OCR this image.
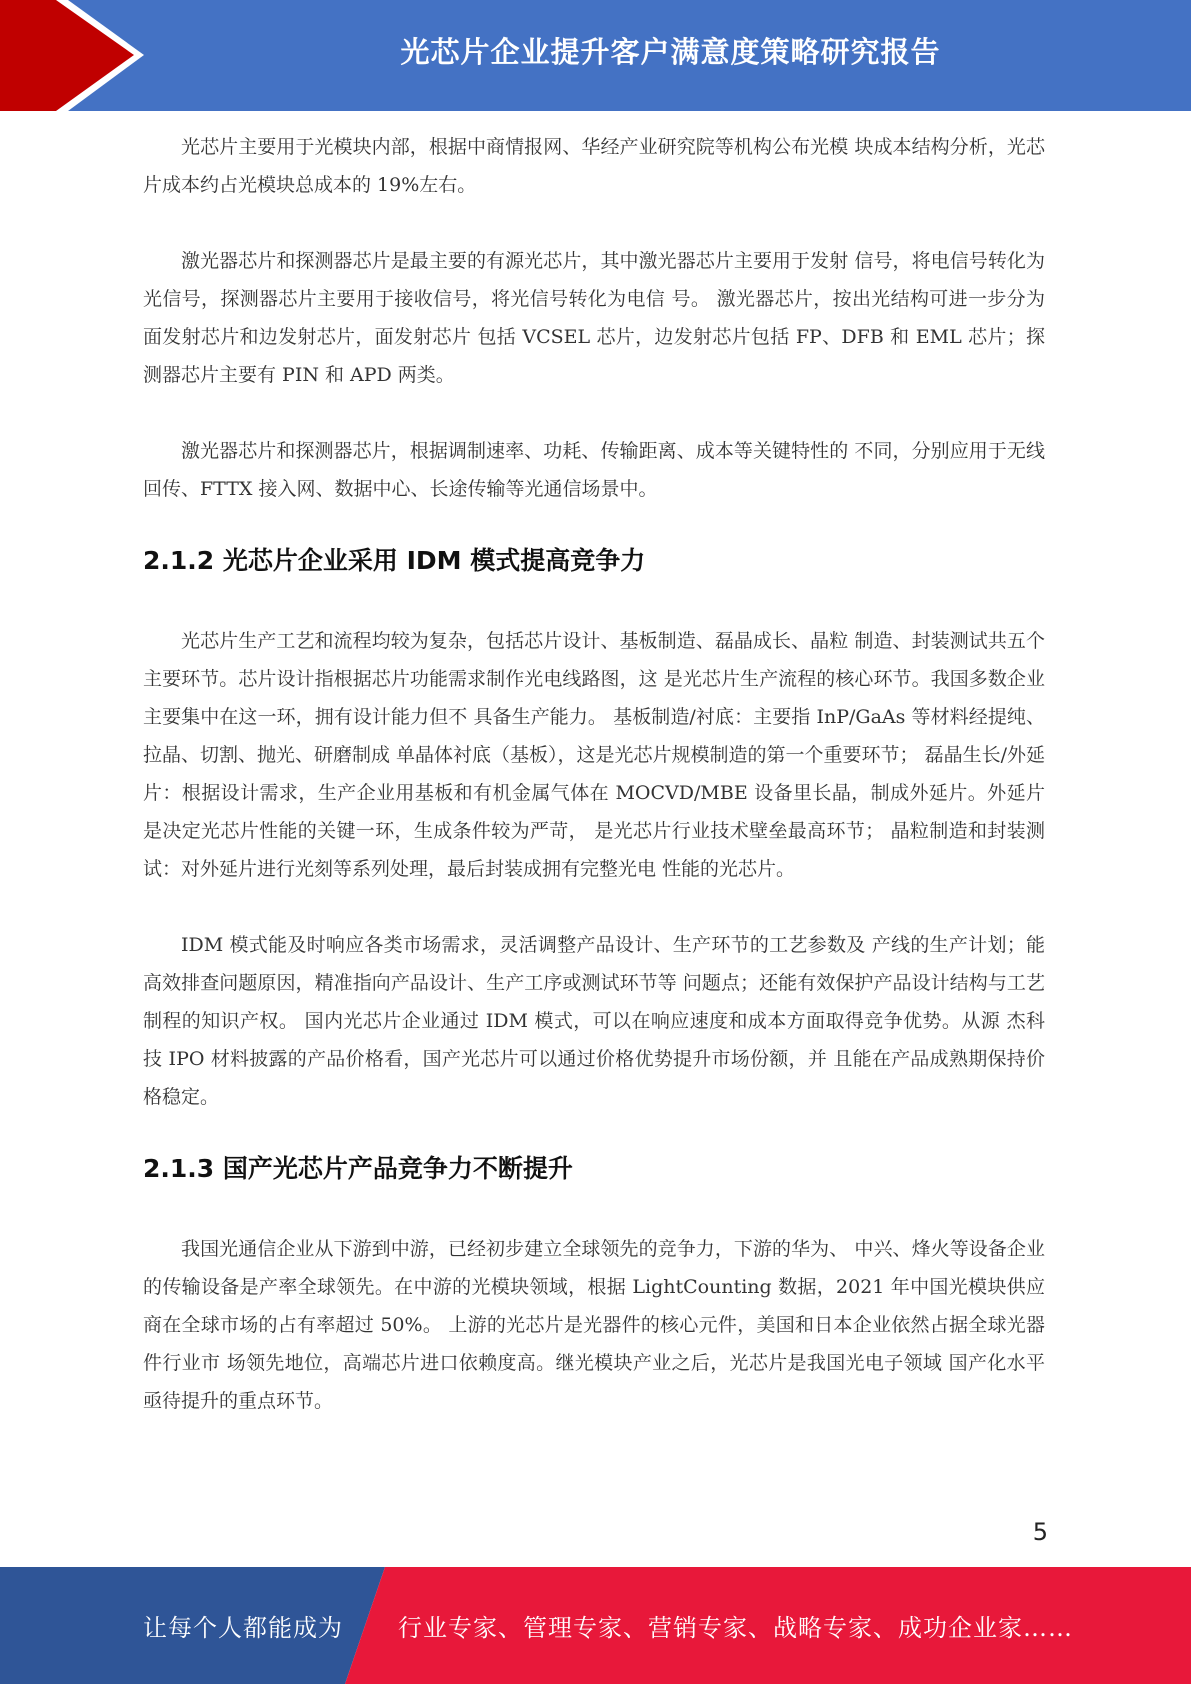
光芯片企业提升客户满意度策略研究报告

光芯片主要用于光模块内部，根据中商情报网、华经产业研究院等机构公布光模 块成本结构分析，光芯片成本约占光模块总成本的 19%左右。

激光器芯片和探测器芯片是最主要的有源光芯片，其中激光器芯片主要用于发射 信号，将电信号转化为光信号，探测器芯片主要用于接收信号，将光信号转化为电信 号。 激光器芯片，按出光结构可进一步分为面发射芯片和边发射芯片，面发射芯片 包括 VCSEL 芯片，边发射芯片包括 FP、DFB 和 EML 芯片；探测器芯片主要有 PIN 和 APD 两类。

激光器芯片和探测器芯片，根据调制速率、功耗、传输距离、成本等关键特性的 不同，分别应用于无线回传、FTTX 接入网、数据中心、长途传输等光通信场景中。

2.1.2 光芯片企业采用 IDM 模式提高竞争力

光芯片生产工艺和流程均较为复杂，包括芯片设计、基板制造、磊晶成长、晶粒 制造、封装测试共五个主要环节。芯片设计指根据芯片功能需求制作光电线路图，这 是光芯片生产流程的核心环节。我国多数企业主要集中在这一环，拥有设计能力但不 具备生产能力。 基板制造/衬底：主要指 InP/GaAs 等材料经提纯、拉晶、切割、抛光、研磨制成 单晶体衬底（基板），这是光芯片规模制造的第一个重要环节； 磊晶生长/外延片：根据设计需求，生产企业用基板和有机金属气体在 MOCVD/MBE 设备里长晶，制成外延片。外延片是决定光芯片性能的关键一环，生成条件较为严苛， 是光芯片行业技术壁垒最高环节； 晶粒制造和封装测试：对外延片进行光刻等系列处理，最后封装成拥有完整光电 性能的光芯片。

IDM 模式能及时响应各类市场需求，灵活调整产品设计、生产环节的工艺参数及 产线的生产计划；能高效排查问题原因，精准指向产品设计、生产工序或测试环节等 问题点；还能有效保护产品设计结构与工艺制程的知识产权。 国内光芯片企业通过 IDM 模式，可以在响应速度和成本方面取得竞争优势。从源 杰科技 IPO 材料披露的产品价格看，国产光芯片可以通过价格优势提升市场份额，并 且能在产品成熟期保持价格稳定。

2.1.3 国产光芯片产品竞争力不断提升

我国光通信企业从下游到中游，已经初步建立全球领先的竞争力，下游的华为、 中兴、烽火等设备企业的传输设备是产率全球领先。在中游的光模块领域，根据 LightCounting 数据，2021 年中国光模块供应商在全球市场的占有率超过 50%。 上游的光芯片是光器件的核心元件，美国和日本企业依然占据全球光器件行业市 场领先地位，高端芯片进口依赖度高。继光模块产业之后，光芯片是我国光电子领域 国产化水平亟待提升的重点环节。

5
让每个人都能成为 行业专家、管理专家、营销专家、战略专家、成功企业家……
